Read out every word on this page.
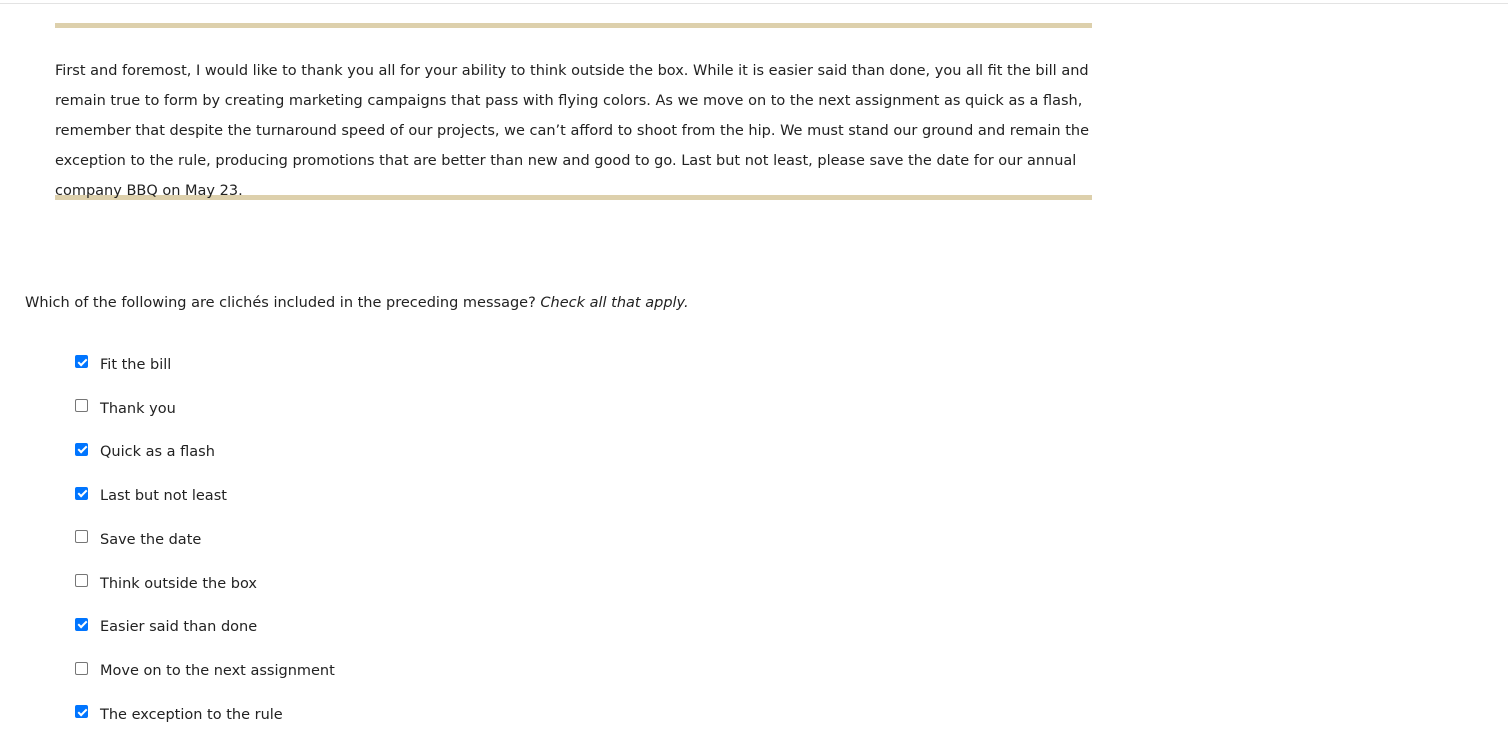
First and foremost, I would like to thank you all for your ability to think outside the box. While it is easier said than done, you all fit the bill and remain true to form by creating marketing campaigns that pass with flying colors. As we move on to the next assignment as quick as a flash, remember that despite the turnaround speed of our projects, we can’t afford to shoot from the hip. We must stand our ground and remain the exception to the rule, producing promotions that are better than new and good to go. Last but not least, please save the date for our annual company BBQ on May 23.

Which of the following are clichés included in the preceding message? Check all that apply.
Fit the bill
Thank you
Quick as a flash
Last but not least
Save the date
Think outside the box
Easier said than done
Move on to the next assignment
The exception to the rule
